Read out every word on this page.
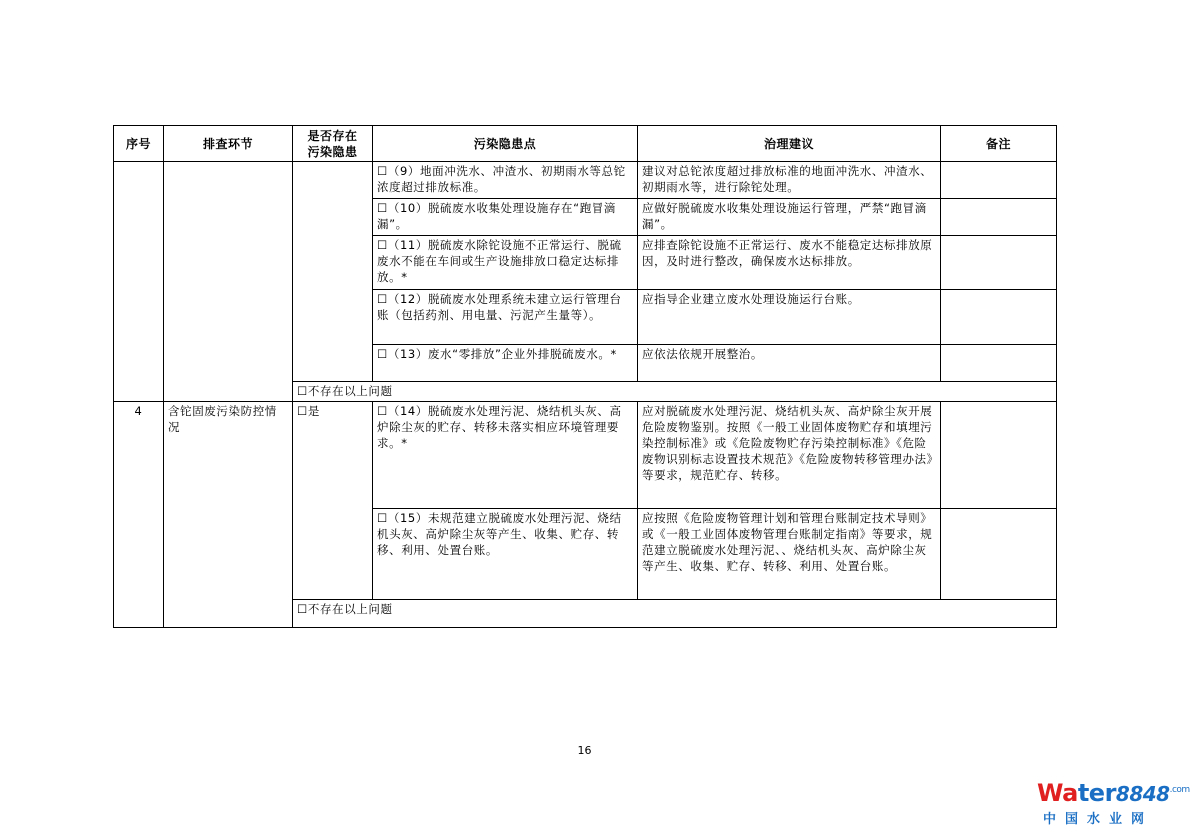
序号	排查环节	是否存在污染隐患	污染隐患点	治理建议	备注
			☐（9）地面冲洗水、冲渣水、初期雨水等总铊浓度超过排放标准。	建议对总铊浓度超过排放标准的地面冲洗水、冲渣水、初期雨水等，进行除铊处理。	
			☐（10）脱硫废水收集处理设施存在“跑冒滴漏”。	应做好脱硫废水收集处理设施运行管理，严禁“跑冒滴漏”。	
			☐（11）脱硫废水除铊设施不正常运行、脱硫废水不能在车间或生产设施排放口稳定达标排放。*	应排查除铊设施不正常运行、废水不能稳定达标排放原因，及时进行整改，确保废水达标排放。	
			☐（12）脱硫废水处理系统未建立运行管理台账（包括药剂、用电量、污泥产生量等）。	应指导企业建立废水处理设施运行台账。	
			☐（13）废水“零排放”企业外排脱硫废水。*	应依法依规开展整治。	
		☐不存在以上问题			
4	含铊固废污染防控情况	☐是	☐（14）脱硫废水处理污泥、烧结机头灰、高炉除尘灰的贮存、转移未落实相应环境管理要求。*	应对脱硫废水处理污泥、烧结机头灰、高炉除尘灰开展危险废物鉴别。按照《一般工业固体废物贮存和填埋污染控制标准》或《危险废物贮存污染控制标准》《危险废物识别标志设置技术规范》《危险废物转移管理办法》等要求，规范贮存、转移。	
			☐（15）未规范建立脱硫废水处理污泥、烧结机头灰、高炉除尘灰等产生、收集、贮存、转移、利用、处置台账。	应按照《危险废物管理计划和管理台账制定技术导则》或《一般工业固体废物管理台账制定指南》等要求，规范建立脱硫废水处理污泥、、烧结机头灰、高炉除尘灰等产生、收集、贮存、转移、利用、处置台账。	
		☐不存在以上问题			
16
$Water8848^{.com}$
中国水业网
